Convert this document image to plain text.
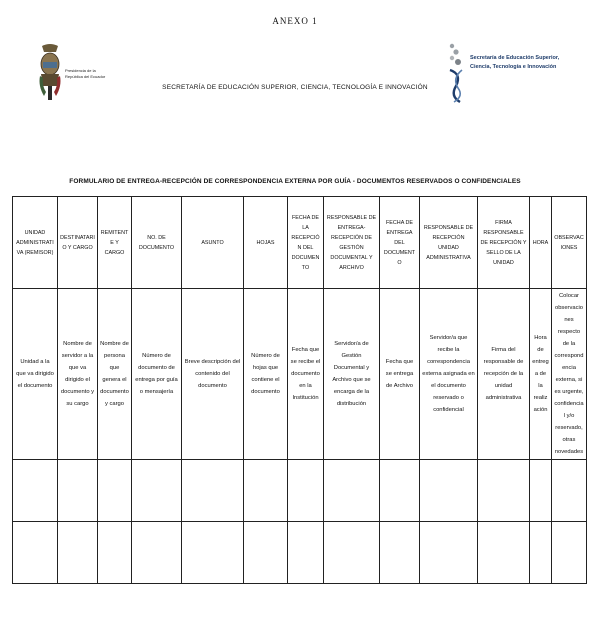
ANEXO 1
Presidencia de la República del Ecuador
SECRETARÍA DE EDUCACIÓN SUPERIOR, CIENCIA, TECNOLOGÍA E INNOVACIÓN
Secretaría de Educación Superior, Ciencia, Tecnología e Innovación
FORMULARIO DE ENTREGA-RECEPCIÓN DE CORRESPONDENCIA EXTERNA POR GUÍA - DOCUMENTOS RESERVADOS O CONFIDENCIALES
UNIDAD ADMINISTRATIVA (REMISOR)	DESTINATARIO Y CARGO	REMITENTE Y CARGO	NO. DE DOCUMENTO	ASUNTO	HOJAS	FECHA DE LA RECEPCIÓN DEL DOCUMENTO	RESPONSABLE DE ENTREGA-RECEPCIÓN DE GESTIÓN DOCUMENTAL Y ARCHIVO	FECHA DE ENTREGA DEL DOCUMENTO	RESPONSABLE DE RECEPCIÓN UNIDAD ADMINISTRATIVA	FIRMA RESPONSABLE DE RECEPCIÓN Y SELLO DE LA UNIDAD	HORA	OBSERVACIONES
Unidad a la que va dirigido el documento	Nombre de servidor a la que va dirigido el documento y su cargo	Nombre de persona que genera el documento y cargo	Número de documento de entrega por guía o mensajería	Breve descripción del contenido del documento	Número de hojas que contiene el documento	Fecha que se recibe el documento en la Institución	Servidor/a de Gestión Documental y Archivo que se encarga de la distribución	Fecha que se entrega de Archivo	Servidor/a que recibe la correspondencia externa asignada en el documento reservado o confidencial	Firma del responsable de recepción de la unidad administrativa	Hora de entrega de la realización	Colocar observaciones respecto de la correspondencia externa, si es urgente, confidencial y/o reservado, otras novedades
